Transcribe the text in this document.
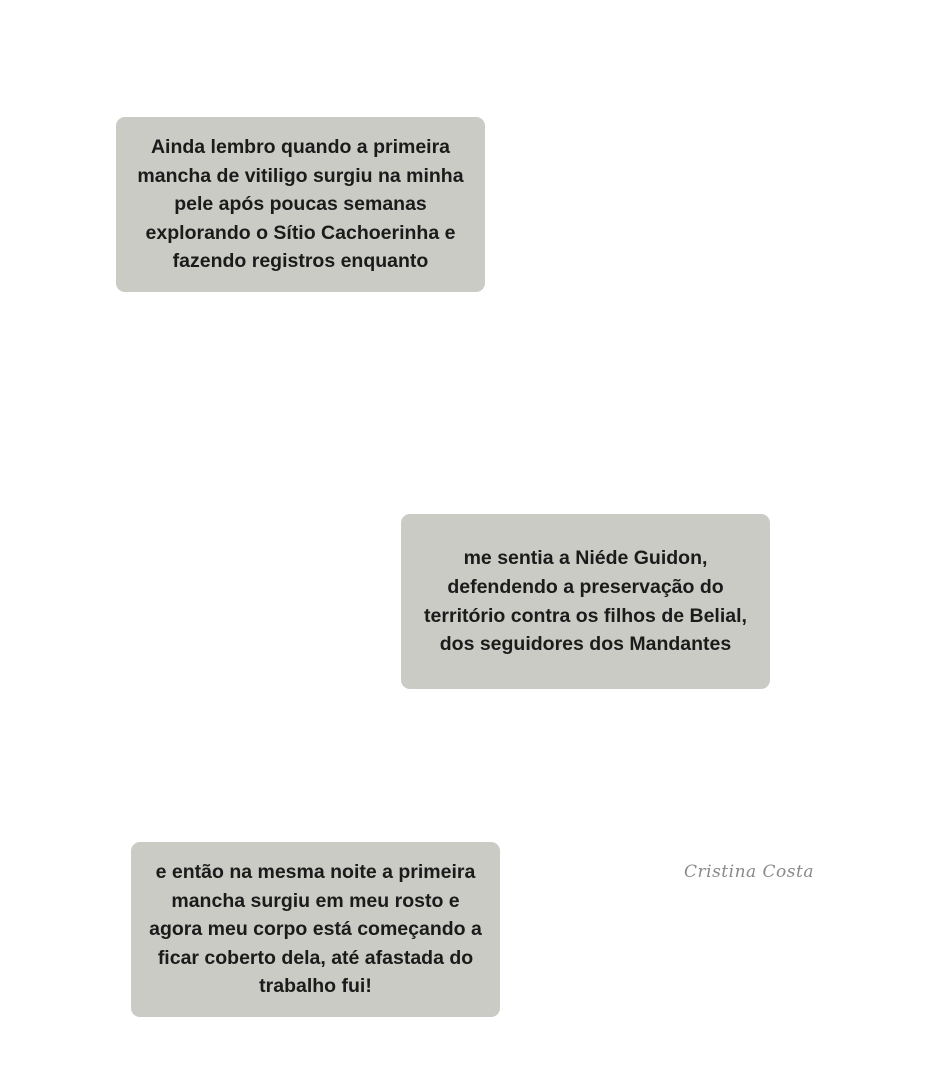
Ainda lembro quando a primeira mancha de vitiligo surgiu na minha pele após poucas semanas explorando o Sítio Cachoerinha e fazendo registros enquanto

me sentia a Niéde Guidon, defendendo a preservação do território contra os filhos de Belial, dos seguidores dos Mandantes

e então na mesma noite a primeira mancha surgiu em meu rosto e agora meu corpo está começando a ficar coberto dela, até afastada do trabalho fui!

Cristina Costa
